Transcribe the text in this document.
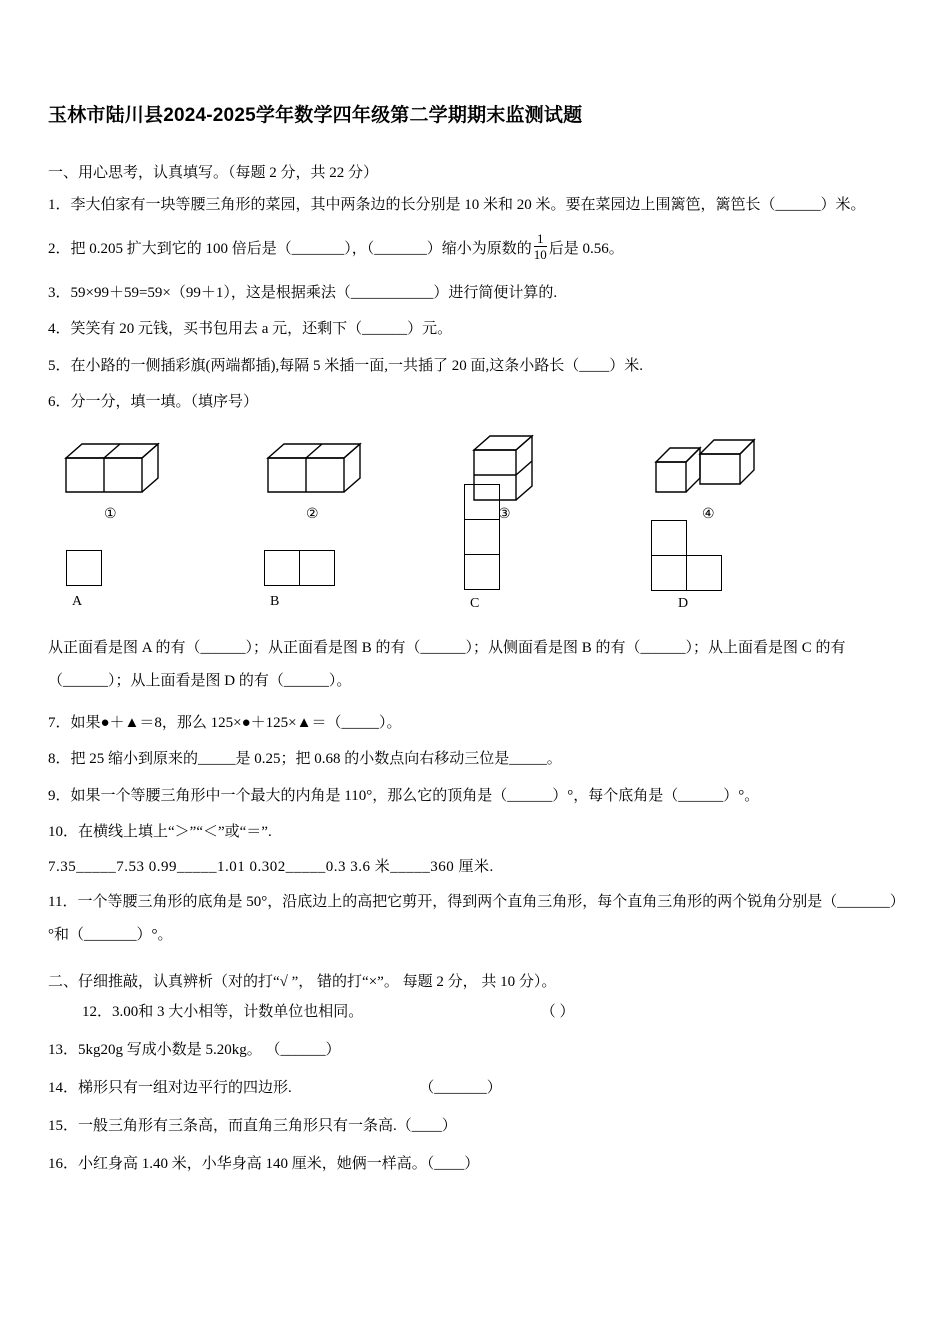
玉林市陆川县2024-2025学年数学四年级第二学期期末监测试题
一、用心思考，认真填写。（每题 2 分，共 22 分）
1．李大伯家有一块等腰三角形的菜园，其中两条边的长分别是 10 米和 20 米。要在菜园边上围篱笆，篱笆长（______）米。
2．把 0.205 扩大到它的 100 倍后是（_______），（_______）缩小为原数的 $\frac{1}{10}$ 后是 0.56。
3．59×99＋59=59×（99＋1），这是根据乘法（___________）进行简便计算的.
4．笑笑有 20 元钱，买书包用去 a 元，还剩下（______）元。
5．在小路的一侧插彩旗(两端都插),每隔 5 米插一面,一共插了 20 面,这条小路长（____）米.
6．分一分，填一填。（填序号）
①	②	③	④
A	B	C	D
从正面看是图 A 的有（______）；从正面看是图 B 的有（______）；从侧面看是图 B 的有（______）；从上面看是图 C 的有（______）；从上面看是图 D 的有（______）。
7．如果●＋▲＝8，那么 125×●＋125×▲＝（_____）。
8．把 25 缩小到原来的_____是 0.25；把 0.68 的小数点向右移动三位是_____。
9．如果一个等腰三角形中一个最大的内角是 110°，那么它的顶角是（______）°，每个底角是（______）°。
10．在横线上填上“＞”“＜”或“＝”.
7.35_____7.53 0.99_____1.01 0.302_____0.3 3.6 米_____360 厘米.
11．一个等腰三角形的底角是 50°，沿底边上的高把它剪开，得到两个直角三角形，每个直角三角形的两个锐角分别是（_______）°和（_______）°。
二、仔细推敲，认真辨析（对的打“√ ”， 错的打“×”。 每题 2 分， 共 10 分）。
12．3.00和 3 大小相等，计数单位也相同。	（ ）
13．5kg20g 写成小数是 5.20kg。 （______）
14．梯形只有一组对边平行的四边形.	（_______）
15．一般三角形有三条高，而直角三角形只有一条高.（____）
16．小红身高 1.40 米，小华身高 140 厘米，她俩一样高。（____）
